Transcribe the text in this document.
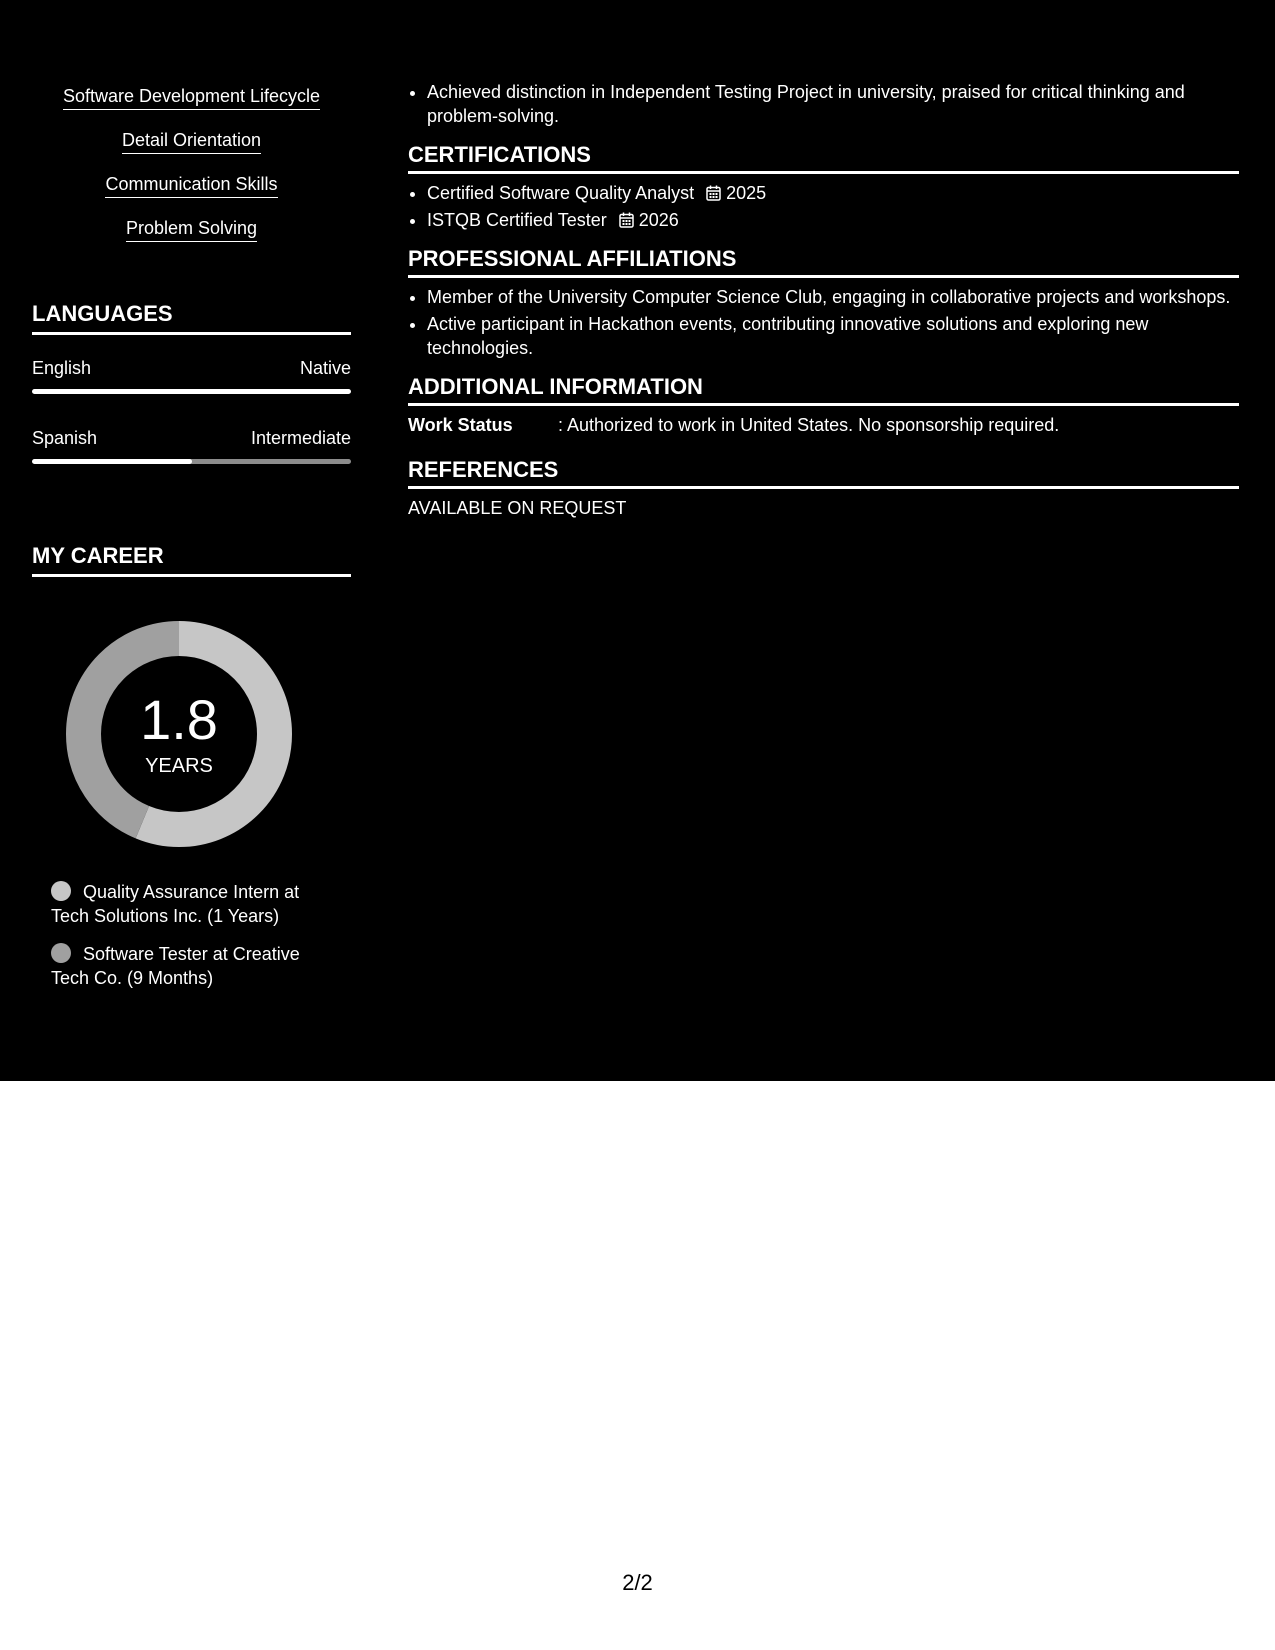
Software Development Lifecycle
Detail Orientation
Communication Skills
Problem Solving
LANGUAGES
English	Native
Spanish	Intermediate
MY CAREER
1.8
YEARS
Quality Assurance Intern at Tech Solutions Inc. (1 Years)
Software Tester at Creative Tech Co. (9 Months)
• Achieved distinction in Independent Testing Project in university, praised for critical thinking and problem-solving.
CERTIFICATIONS
• Certified Software Quality Analyst 2025
• ISTQB Certified Tester 2026
PROFESSIONAL AFFILIATIONS
• Member of the University Computer Science Club, engaging in collaborative projects and workshops.
• Active participant in Hackathon events, contributing innovative solutions and exploring new technologies.
ADDITIONAL INFORMATION
Work Status	: Authorized to work in United States. No sponsorship required.
REFERENCES
AVAILABLE ON REQUEST
2/2
